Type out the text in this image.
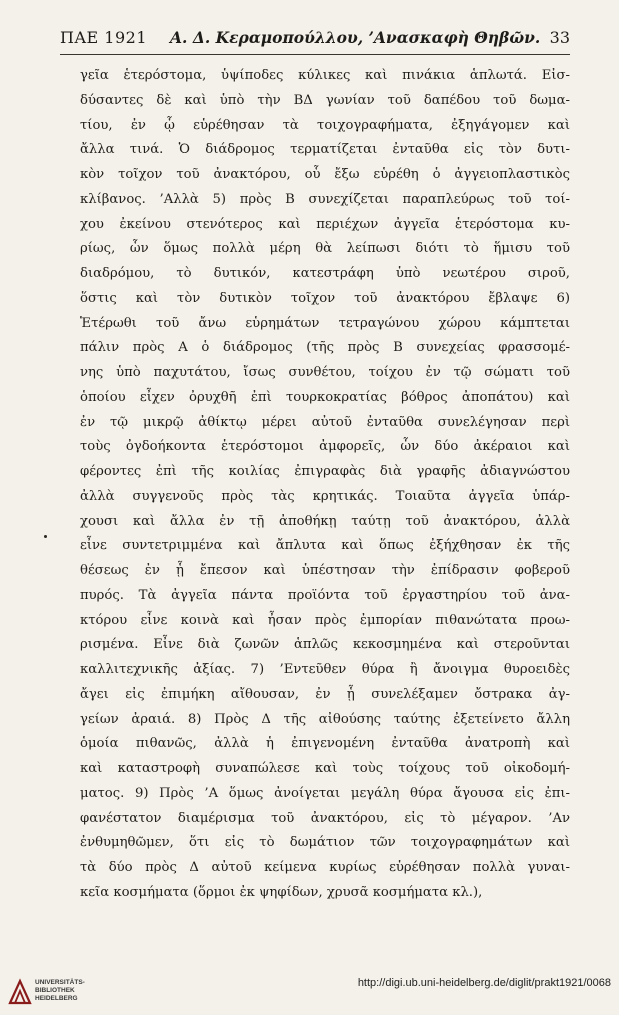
ΠΑΕ 1921 Α. Δ. Κεραμοπούλλου, ’Ανασκαφὴ Θηβῶν. 33
γεῖα ἑτερόστομα, ὑψίποδες κύλικες καὶ πινάκια ἁπλωτά. Εἰσ-
δύσαντες δὲ καὶ ὑπὸ τὴν ΒΔ γωνίαν τοῦ δαπέδου τοῦ δωμα-
τίου, ἐν ᾧ εὑρέθησαν τὰ τοιχογραφήματα, ἐξηγάγομεν καὶ
ἄλλα τινά. Ὁ διάδρομος τερματίζεται ἐνταῦθα εἰς τὸν δυτι-
κὸν τοῖχον τοῦ ἀνακτόρου, οὗ ἔξω εὑρέθη ὁ ἀγγειοπλαστικὸς
κλίβανος. ’Αλλὰ 5) πρὸς Β συνεχίζεται παραπλεύρως τοῦ τοί-
χου ἐκείνου στενότερος καὶ περιέχων ἀγγεῖα ἑτερόστομα κυ-
ρίως, ὧν ὅμως πολλὰ μέρη θὰ λείπωσι διότι τὸ ἥμισυ τοῦ
διαδρόμου, τὸ δυτικόν, κατεστράφη ὑπὸ νεωτέρου σιροῦ,
ὅστις καὶ τὸν δυτικὸν τοῖχον τοῦ ἀνακτόρου ἔβλαψε 6)
Ἑτέρωθι τοῦ ἄνω εὑρημάτων τετραγώνου χώρου κάμπτεται
πάλιν πρὸς Α ὁ διάδρομος (τῆς πρὸς Β συνεχείας φρασσομέ-
νης ὑπὸ παχυτάτου, ἴσως συνθέτου, τοίχου ἐν τῷ σώματι τοῦ
ὁποίου εἶχεν ὀρυχθῆ ἐπὶ τουρκοκρατίας βόθρος ἀποπάτου) καὶ
ἐν τῷ μικρῷ ἀθίκτῳ μέρει αὐτοῦ ἐνταῦθα συνελέγησαν περὶ
τοὺς ὀγδοήκοντα ἑτερόστομοι ἀμφορεῖς, ὧν δύο ἀκέραιοι καὶ
φέροντες ἐπὶ τῆς κοιλίας ἐπιγραφὰς διὰ γραφῆς ἀδιαγνώστου
ἀλλὰ συγγενοῦς πρὸς τὰς κρητικάς. Τοιαῦτα ἀγγεῖα ὑπάρ-
χουσι καὶ ἄλλα ἐν τῇ ἀποθήκῃ ταύτῃ τοῦ ἀνακτόρου, ἀλλὰ
εἶνε συντετριμμένα καὶ ἄπλυτα καὶ ὅπως ἐξήχθησαν ἐκ τῆς
θέσεως ἐν ᾗ ἔπεσον καὶ ὑπέστησαν τὴν ἐπίδρασιν φοβεροῦ
πυρός. Τὰ ἀγγεῖα πάντα προϊόντα τοῦ ἐργαστηρίου τοῦ ἀνα-
κτόρου εἶνε κοινὰ καὶ ἦσαν πρὸς ἐμπορίαν πιθανώτατα προω-
ρισμένα. Εἶνε διὰ ζωνῶν ἁπλῶς κεκοσμημένα καὶ στεροῦνται
καλλιτεχνικῆς ἀξίας. 7) ’Εντεῦθεν θύρα ἢ ἄνοιγμα θυροειδὲς
ἄγει εἰς ἐπιμήκη αἴθουσαν, ἐν ᾗ συνελέξαμεν ὄστρακα ἀγ-
γείων ἀραιά. 8) Πρὸς Δ τῆς αἰθούσης ταύτης ἐξετείνετο ἄλλη
ὁμοία πιθανῶς, ἀλλὰ ἡ ἐπιγενομένη ἐνταῦθα ἀνατροπὴ καὶ
καὶ καταστροφὴ συναπώλεσε καὶ τοὺς τοίχους τοῦ οἰκοδομή-
ματος. 9) Πρὸς ’Α ὅμως ἀνοίγεται μεγάλη θύρα ἄγουσα εἰς ἐπι-
φανέστατον διαμέρισμα τοῦ ἀνακτόρου, εἰς τὸ μέγαρον. ’Αν
ἐνθυμηθῶμεν, ὅτι εἰς τὸ δωμάτιον τῶν τοιχογραφημάτων καὶ
τὰ δύο πρὸς Δ αὐτοῦ κείμενα κυρίως εὑρέθησαν πολλὰ γυναι-
κεῖα κοσμήματα (ὅρμοι ἐκ ψηφίδων, χρυσᾶ κοσμήματα κλ.),
UNIVERSITÄTS-
BIBLIOTHEK
HEIDELBERG
http://digi.ub.uni-heidelberg.de/diglit/prakt1921/0068
